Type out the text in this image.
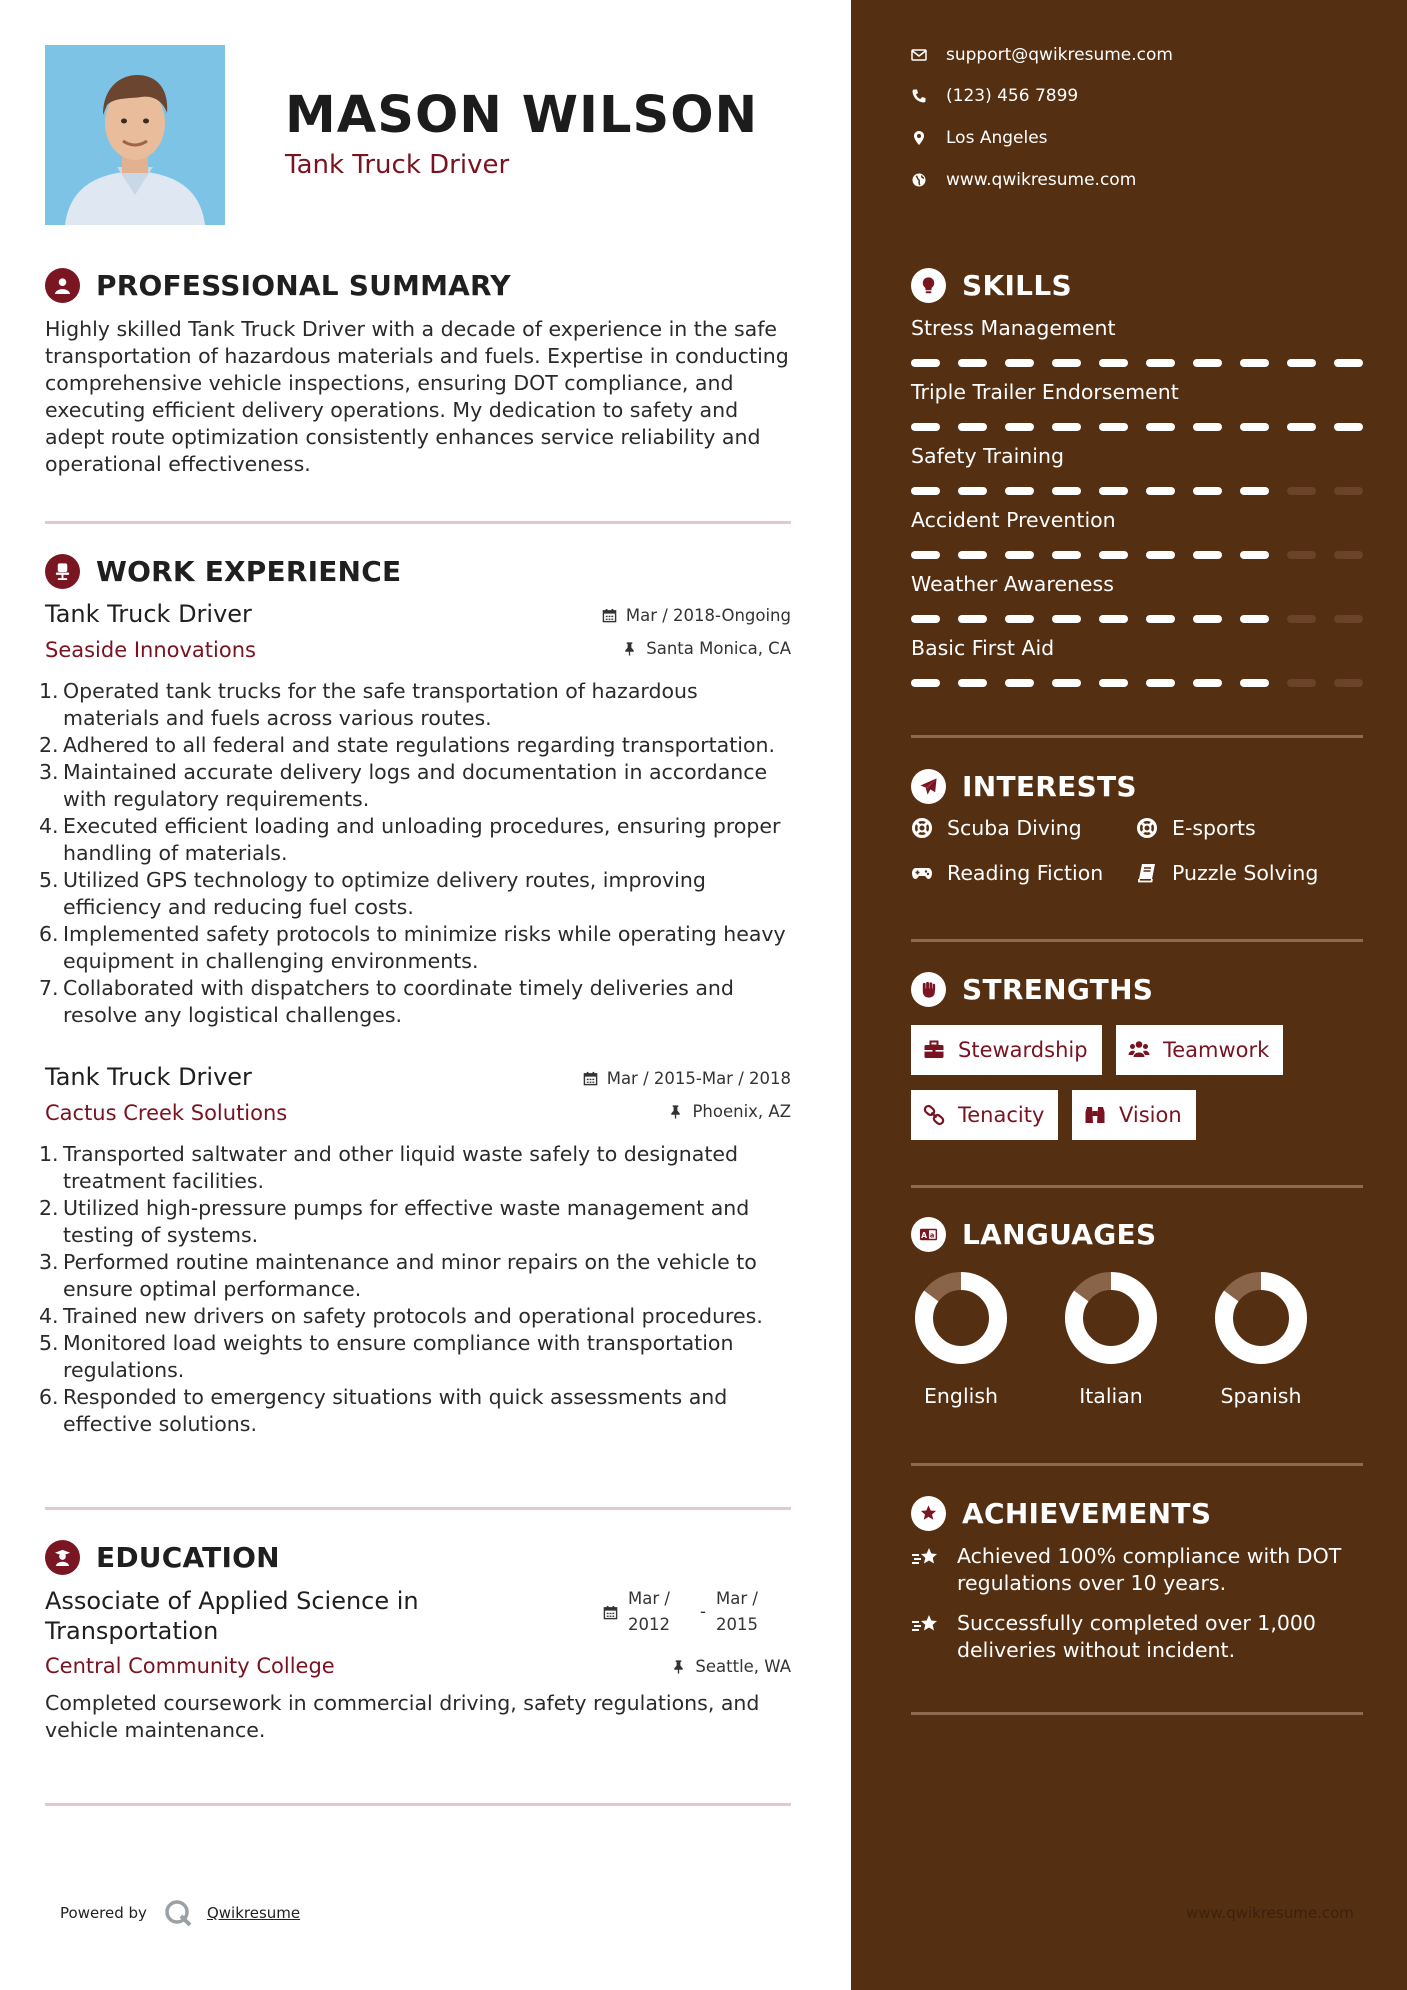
MASON WILSON
Tank Truck Driver
PROFESSIONAL SUMMARY
Highly skilled Tank Truck Driver with a decade of experience in the safe transportation of hazardous materials and fuels. Expertise in conducting comprehensive vehicle inspections, ensuring DOT compliance, and executing efficient delivery operations. My dedication to safety and adept route optimization consistently enhances service reliability and operational effectiveness.
WORK EXPERIENCE
Tank Truck Driver
Seaside Innovations
Mar / 2018-Ongoing
Santa Monica, CA
1. Operated tank trucks for the safe transportation of hazardous materials and fuels across various routes.
2. Adhered to all federal and state regulations regarding transportation.
3. Maintained accurate delivery logs and documentation in accordance with regulatory requirements.
4. Executed efficient loading and unloading procedures, ensuring proper handling of materials.
5. Utilized GPS technology to optimize delivery routes, improving efficiency and reducing fuel costs.
6. Implemented safety protocols to minimize risks while operating heavy equipment in challenging environments.
7. Collaborated with dispatchers to coordinate timely deliveries and resolve any logistical challenges.
Tank Truck Driver
Cactus Creek Solutions
Mar / 2015-Mar / 2018
Phoenix, AZ
1. Transported saltwater and other liquid waste safely to designated treatment facilities.
2. Utilized high-pressure pumps for effective waste management and testing of systems.
3. Performed routine maintenance and minor repairs on the vehicle to ensure optimal performance.
4. Trained new drivers on safety protocols and operational procedures.
5. Monitored load weights to ensure compliance with transportation regulations.
6. Responded to emergency situations with quick assessments and effective solutions.
EDUCATION
Associate of Applied Science in Transportation
Mar /
2012
-
Mar /
2015
Central Community College	Seattle, WA
Completed coursework in commercial driving, safety regulations, and vehicle maintenance.
Powered by	Qwikresume
support@qwikresume.com
(123) 456 7899
Los Angeles
www.qwikresume.com
SKILLS
Stress Management
Triple Trailer Endorsement
Safety Training
Accident Prevention
Weather Awareness
Basic First Aid
INTERESTS
Scuba Diving	E-sports
Reading Fiction	Puzzle Solving
STRENGTHS
Stewardship	Teamwork
Tenacity	Vision
A a LANGUAGES
English	Italian	Spanish
ACHIEVEMENTS
Achieved 100% compliance with DOT regulations over 10 years.
Successfully completed over 1,000 deliveries without incident.
www.qwikresume.com
